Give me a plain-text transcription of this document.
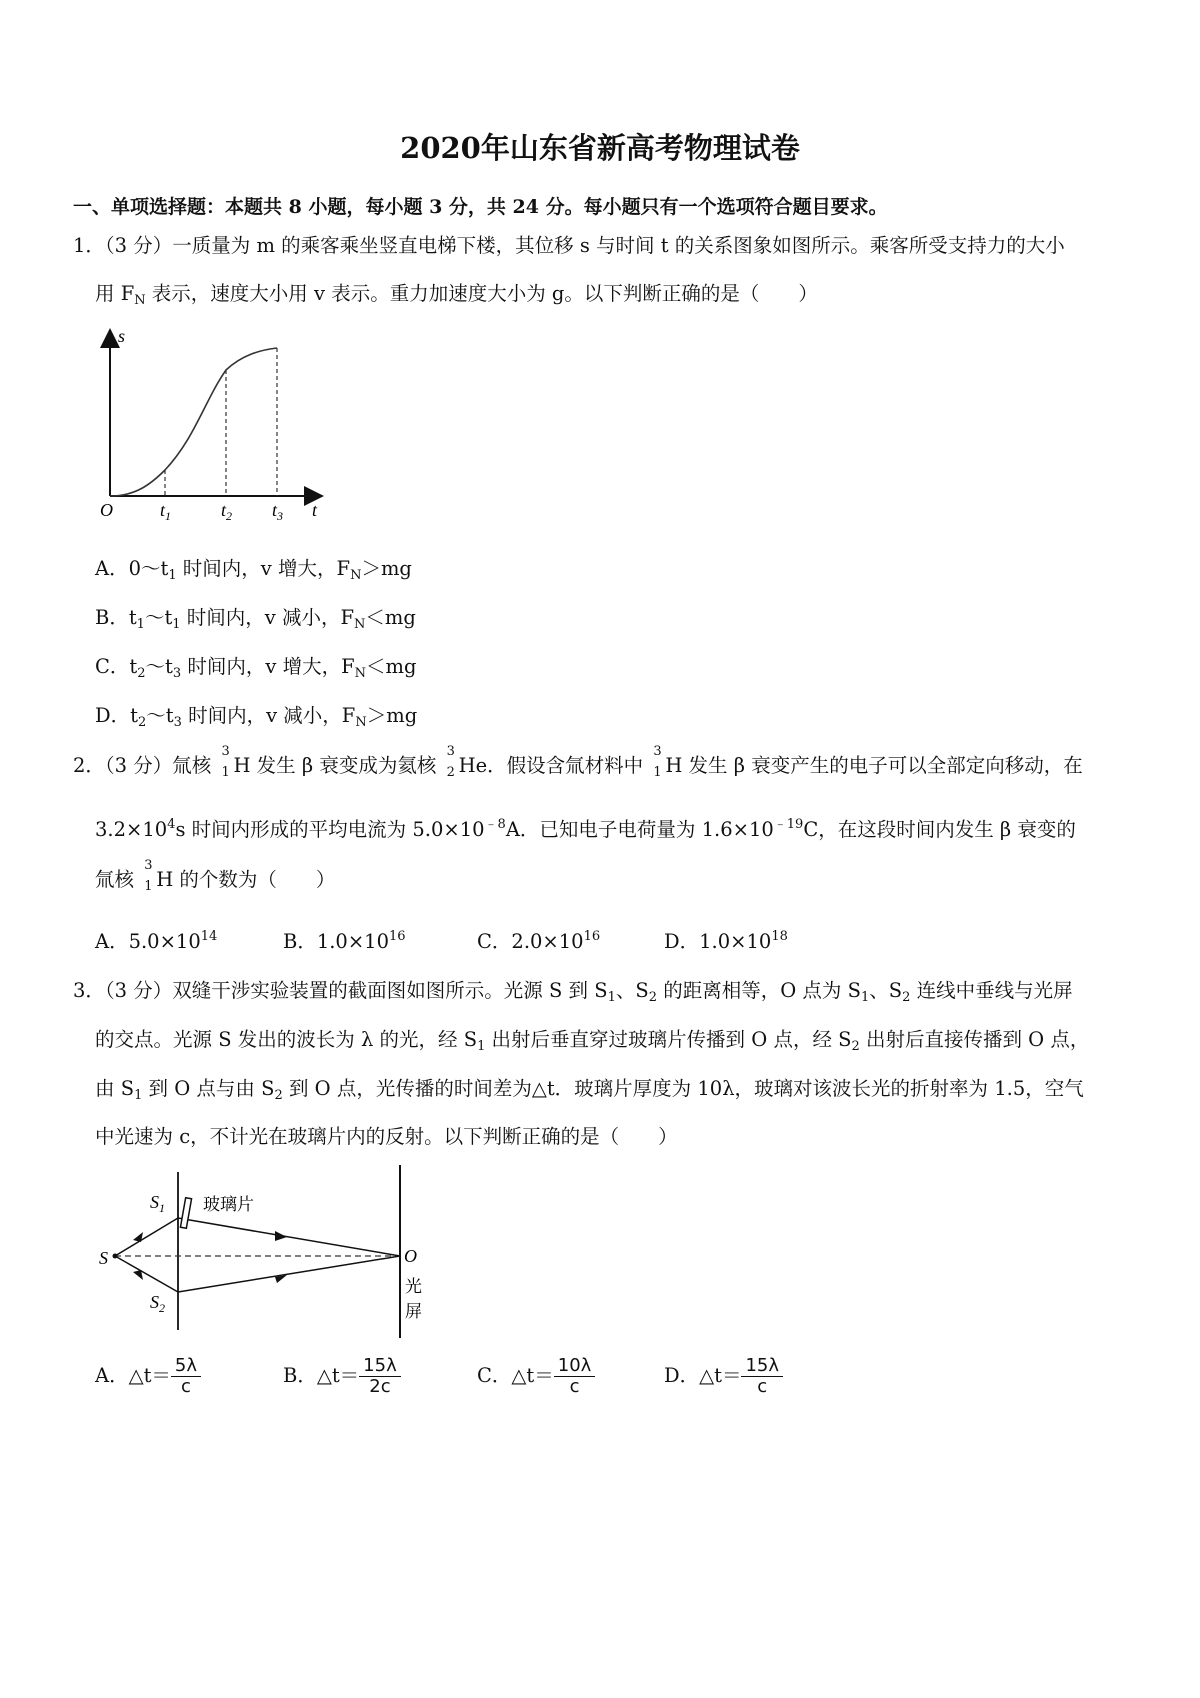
2020年山东省新高考物理试卷
一、单项选择题：本题共 8 小题，每小题 3 分，共 24 分。每小题只有一个选项符合题目要求。
1．（3 分）一质量为 m 的乘客乘坐竖直电梯下楼，其位移 s 与时间 t 的关系图象如图所示。乘客所受支持力的大小
用 $F_N$ 表示，速度大小用 v 表示。重力加速度大小为 g。以下判断正确的是（　　）
s
t
O	$t_1$	$t_2$ $t_3$
A．$0\sim t_1$ 时间内，v 增大，$F_N>mg$
B．$t_1\sim t_1$ 时间内，v 减小，$F_N<mg$
C．$t_2\sim t_3$ 时间内，v 增大，$F_N<mg$
D．$t_2\sim t_3$ 时间内，v 减小，$F_N>mg$
2．（3 分）氚核
3
1 H 发生 β 衰变成为氦核
3
2 He．假设含氚材料中
3
1 H 发生 β 衰变产生的电子可以全部定向移动，在
$3.2\times 10^4s$ 时间内形成的平均电流为 $5.0\times 10^{﹣8}A$．已知电子电荷量为 $1.6\times 10^{﹣19}C$，在这段时间内发生 β 衰变的
氚核
3
1 H 的个数为（　　）
A．$5.0\times 10^{14}$	B．$1.0\times 10^{16}$	C．$2.0\times 10^{16}$	D．$1.0\times 10^{18}$
3．（3 分）双缝干涉实验装置的截面图如图所示。光源 S 到 $S_1$、$S_2$ 的距离相等，O 点为 $S_1$、$S_2$ 连线中垂线与光屏
的交点。光源 S 发出的波长为 λ 的光，经 $S_1$ 出射后垂直穿过玻璃片传播到 O 点，经 $S_2$ 出射后直接传播到 O 点，
由 $S_1$ 到 O 点与由 $S_2$ 到 O 点，光传播的时间差为△t．玻璃片厚度为 10λ，玻璃对该波长光的折射率为 1.5，空气
中光速为 c，不计光在玻璃片内的反射。以下判断正确的是（　　）
$S_1$
$S_2$
S	O
玻璃片
光
屏
A．△t＝ $\frac{5\lambda}{c}$	B．△t＝ $\frac{15\lambda}{2c}$	C．△t＝ $\frac{10\lambda}{c}$	D．△t＝ $\frac{15\lambda}{c}$
